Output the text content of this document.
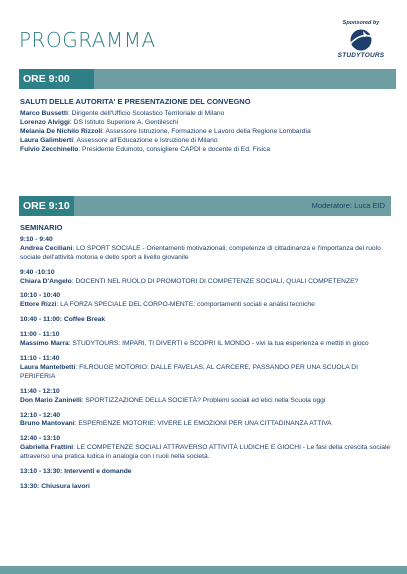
PROGRAMMA
Sponsored by
STUDYTOURS
ORE 9:00
SALUTI DELLE AUTORITA' E PRESENTAZIONE DEL CONVEGNO
Marco Bussetti: Dirigente dell'Ufficio Scolastico Territoriale di Milano
Lorenzo Alviggi: DS Istituto Superiore A. Gentileschi
Melania De Nichilo Rizzoli: Assessore Istruzione, Formazione e Lavoro della Regione Lombardia
Laura Galimberti: Assessore all'Educazione e Istruzione di Milano
Fulvio Zecchinello: Presidente Edumoto, consigliere CAPDI e docente di Ed. Fisica
ORE 9:10	Moderatore: Luca EID
SEMINARIO
9:10 - 9:40
Andrea Ceciliani: LO SPORT SOCIALE - Orientamenti motivazionali, competenze di cittadinanza e l'importanza del ruolo sociale dell'attività motoria e dello sport a livello giovanile
9:40 -10:10
Chiara D'Angelo: DOCENTI NEL RUOLO DI PROMOTORI DI COMPETENZE SOCIALI, QUALI COMPETENZE?
10:10 - 10:40
Ettore Rizzi: LA FORZA SPECIALE DEL CORPO-MENTE: comportamenti sociali e analisi tecniche
10:40 - 11:00: Coffee Break
11:00 - 11:10
Massimo Marra: STUDYTOURS: IMPARI, TI DIVERTI e SCOPRI IL MONDO - vivi la tua esperienza e mettiti in gioco
11:10 - 11:40
Laura Mantelbetti: FILROUGE MOTORIO: DALLE FAVELAS, AL CARCERE, PASSANDO PER UNA SCUOLA DI PERIFERIA
11:40 - 12:10
Don Mario Zaninelli: SPORTIZZAZIONE DELLA SOCIETÀ? Problemi sociali ed etici nella Scuola oggi
12:10 - 12:40
Bruno Mantovani: ESPERIENZE MOTORIE: VIVERE LE EMOZIONI PER UNA CITTADINANZA ATTIVA
12:40 - 13:10
Gabriella Frattini: LE COMPETENZE SOCIALI ATTRAVERSO ATTIVITÀ LUDICHE E GIOCHI - Le fasi della crescita sociale attraverso una pratica ludica in analogia con i ruoli nella società.
13:10 - 13:30: Interventi e domande
13:30: Chiusura lavori
